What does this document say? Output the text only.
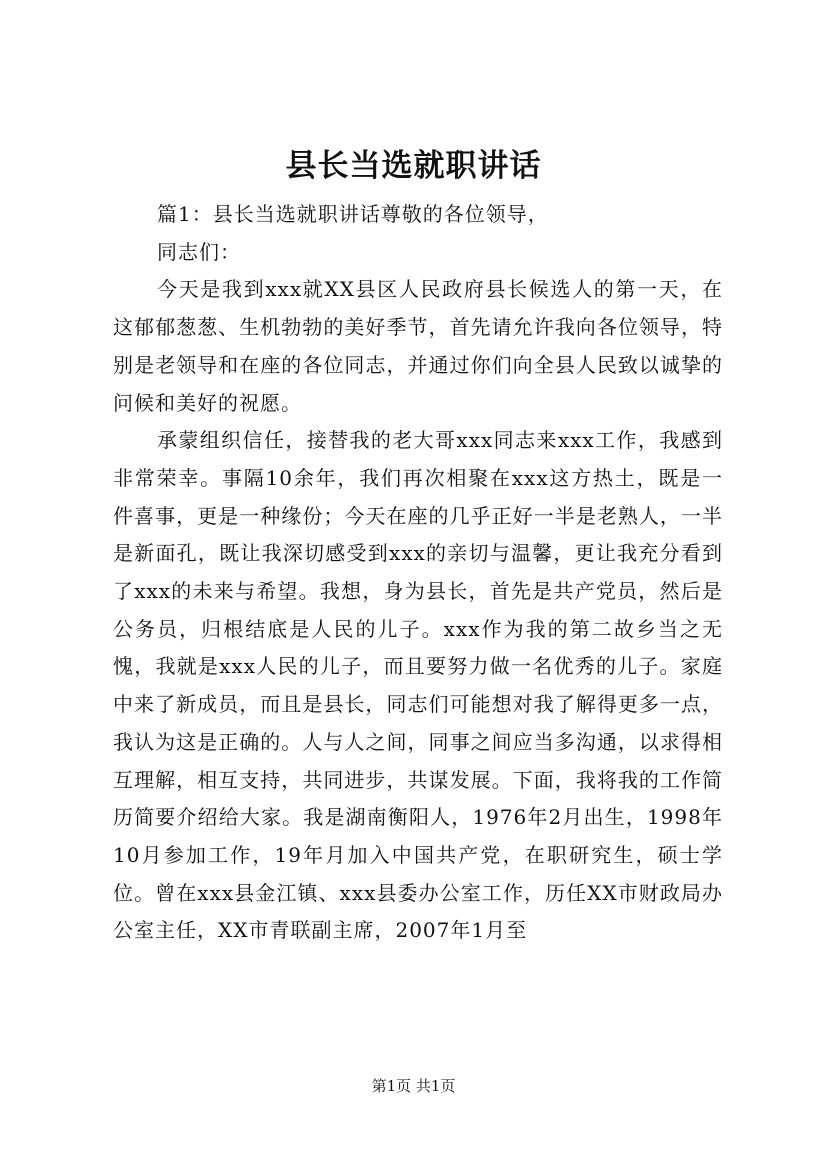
县长当选就职讲话

篇1：县长当选就职讲话尊敬的各位领导，

同志们：

今天是我到xxx就XX县区人民政府县长候选人的第一天，在这郁郁葱葱、生机勃勃的美好季节，首先请允许我向各位领导，特别是老领导和在座的各位同志，并通过你们向全县人民致以诚挚的问候和美好的祝愿。

承蒙组织信任，接替我的老大哥xxx同志来xxx工作，我感到非常荣幸。事隔10余年，我们再次相聚在xxx这方热土，既是一件喜事，更是一种缘份；今天在座的几乎正好一半是老熟人，一半是新面孔，既让我深切感受到xxx的亲切与温馨，更让我充分看到了xxx的未来与希望。我想，身为县长，首先是共产党员，然后是公务员，归根结底是人民的儿子。xxx作为我的第二故乡当之无愧，我就是xxx人民的儿子，而且要努力做一名优秀的儿子。家庭中来了新成员，而且是县长，同志们可能想对我了解得更多一点，我认为这是正确的。人与人之间，同事之间应当多沟通，以求得相互理解，相互支持，共同进步，共谋发展。下面，我将我的工作简历简要介绍给大家。我是湖南衡阳人，1976年2月出生，1998年10月参加工作，19年月加入中国共产党，在职研究生，硕士学位。曾在xxx县金江镇、xxx县委办公室工作，历任XX市财政局办公室主任，XX市青联副主席，2007年1月至

第1页 共1页
